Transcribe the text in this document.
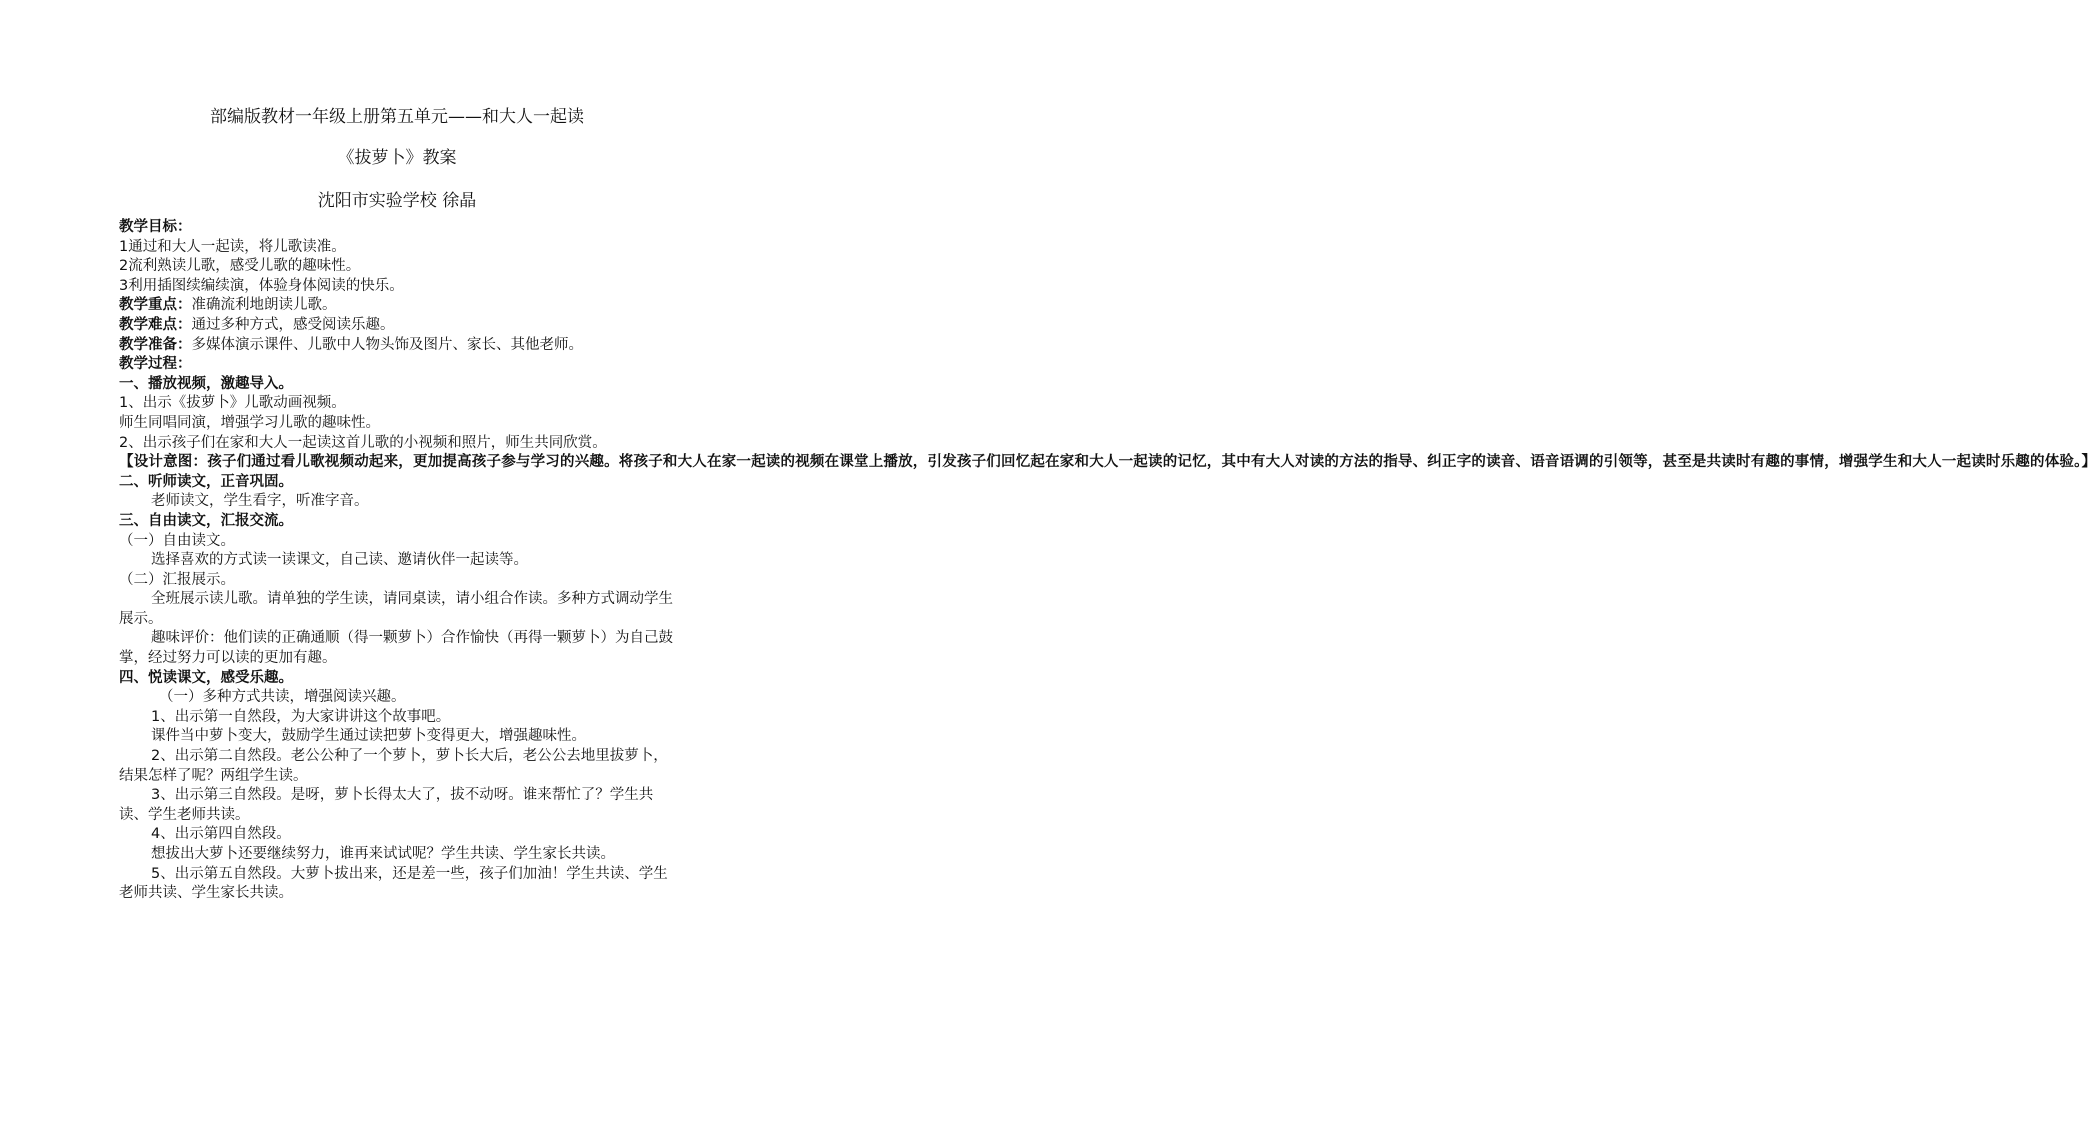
部编版教材一年级上册第五单元——和大人一起读
《拔萝卜》教案
沈阳市实验学校 徐晶

教学目标：

1通过和大人一起读，将儿歌读准。

2流利熟读儿歌，感受儿歌的趣味性。

3利用插图续编续演，体验身体阅读的快乐。

教学重点：准确流利地朗读儿歌。

教学难点：通过多种方式，感受阅读乐趣。

教学准备：多媒体演示课件、儿歌中人物头饰及图片、家长、其他老师。

教学过程：

一、播放视频，激趣导入。

1、出示《拔萝卜》儿歌动画视频。

师生同唱同演，增强学习儿歌的趣味性。

2、出示孩子们在家和大人一起读这首儿歌的小视频和照片，师生共同欣赏。

【设计意图：孩子们通过看儿歌视频动起来，更加提高孩子参与学习的兴趣。将孩子和大人在家一起读的视频在课堂上播放，引发孩子们回忆起在家和大人一起读的记忆，其中有大人对读的方法的指导、纠正字的读音、语音语调的引领等，甚至是共读时有趣的事情，增强学生和大人一起读时乐趣的体验。】

二、听师读文，正音巩固。

老师读文，学生看字，听准字音。

三、自由读文，汇报交流。

（一）自由读文。

选择喜欢的方式读一读课文，自己读、邀请伙伴一起读等。

（二）汇报展示。

全班展示读儿歌。请单独的学生读，请同桌读，请小组合作读。多种方式调动学生展示。

趣味评价：他们读的正确通顺（得一颗萝卜）合作愉快（再得一颗萝卜）为自己鼓掌，经过努力可以读的更加有趣。

四、悦读课文，感受乐趣。

（一）多种方式共读，增强阅读兴趣。

1、出示第一自然段，为大家讲讲这个故事吧。

课件当中萝卜变大，鼓励学生通过读把萝卜变得更大，增强趣味性。

2、出示第二自然段。老公公种了一个萝卜，萝卜长大后，老公公去地里拔萝卜，结果怎样了呢？两组学生读。

3、出示第三自然段。是呀，萝卜长得太大了，拔不动呀。谁来帮忙了？学生共读、学生老师共读。

4、出示第四自然段。

想拔出大萝卜还要继续努力，谁再来试试呢？学生共读、学生家长共读。

5、出示第五自然段。大萝卜拔出来，还是差一些，孩子们加油！学生共读、学生老师共读、学生家长共读。
